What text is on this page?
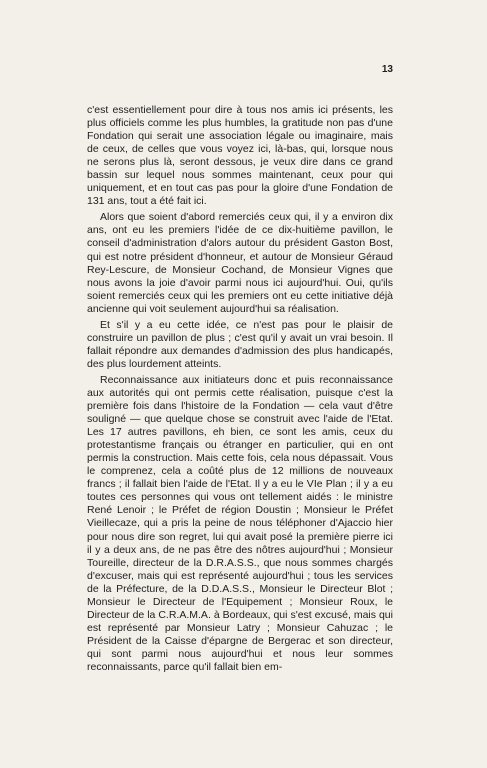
13

c'est essentiellement pour dire à tous nos amis ici présents, les plus officiels comme les plus humbles, la gratitude non pas d'une Fondation qui serait une association légale ou imaginaire, mais de ceux, de celles que vous voyez ici, là-bas, qui, lorsque nous ne serons plus là, seront dessous, je veux dire dans ce grand bassin sur lequel nous sommes maintenant, ceux pour qui uniquement, et en tout cas pas pour la gloire d'une Fondation de 131 ans, tout a été fait ici.

Alors que soient d'abord remerciés ceux qui, il y a environ dix ans, ont eu les premiers l'idée de ce dix-huitième pavillon, le conseil d'administration d'alors autour du président Gaston Bost, qui est notre président d'honneur, et autour de Monsieur Géraud Rey-Lescure, de Monsieur Cochand, de Monsieur Vignes que nous avons la joie d'avoir parmi nous ici aujourd'hui. Oui, qu'ils soient remerciés ceux qui les premiers ont eu cette initiative déjà ancienne qui voit seulement aujourd'hui sa réalisation.

Et s'il y a eu cette idée, ce n'est pas pour le plaisir de construire un pavillon de plus ; c'est qu'il y avait un vrai besoin. Il fallait répondre aux demandes d'admission des plus handicapés, des plus lourdement atteints.

Reconnaissance aux initiateurs donc et puis reconnaissance aux autorités qui ont permis cette réalisation, puisque c'est la première fois dans l'histoire de la Fondation — cela vaut d'être souligné — que quelque chose se construit avec l'aide de l'Etat. Les 17 autres pavillons, eh bien, ce sont les amis, ceux du protestantisme français ou étranger en particulier, qui en ont permis la construction. Mais cette fois, cela nous dépassait. Vous le comprenez, cela a coûté plus de 12 millions de nouveaux francs ; il fallait bien l'aide de l'Etat. Il y a eu le VIe Plan ; il y a eu toutes ces personnes qui vous ont tellement aidés : le ministre René Lenoir ; le Préfet de région Doustin ; Monsieur le Préfet Vieillecaze, qui a pris la peine de nous téléphoner d'Ajaccio hier pour nous dire son regret, lui qui avait posé la première pierre ici il y a deux ans, de ne pas être des nôtres aujourd'hui ; Monsieur Toureille, directeur de la D.R.A.S.S., que nous sommes chargés d'excuser, mais qui est représenté aujourd'hui ; tous les services de la Préfecture, de la D.D.A.S.S., Monsieur le Directeur Blot ; Monsieur le Directeur de l'Equipement ; Monsieur Roux, le Directeur de la C.R.A.M.A. à Bordeaux, qui s'est excusé, mais qui est représenté par Monsieur Latry ; Monsieur Cahuzac ; le Président de la Caisse d'épargne de Bergerac et son directeur, qui sont parmi nous aujourd'hui et nous leur sommes reconnaissants, parce qu'il fallait bien em-
